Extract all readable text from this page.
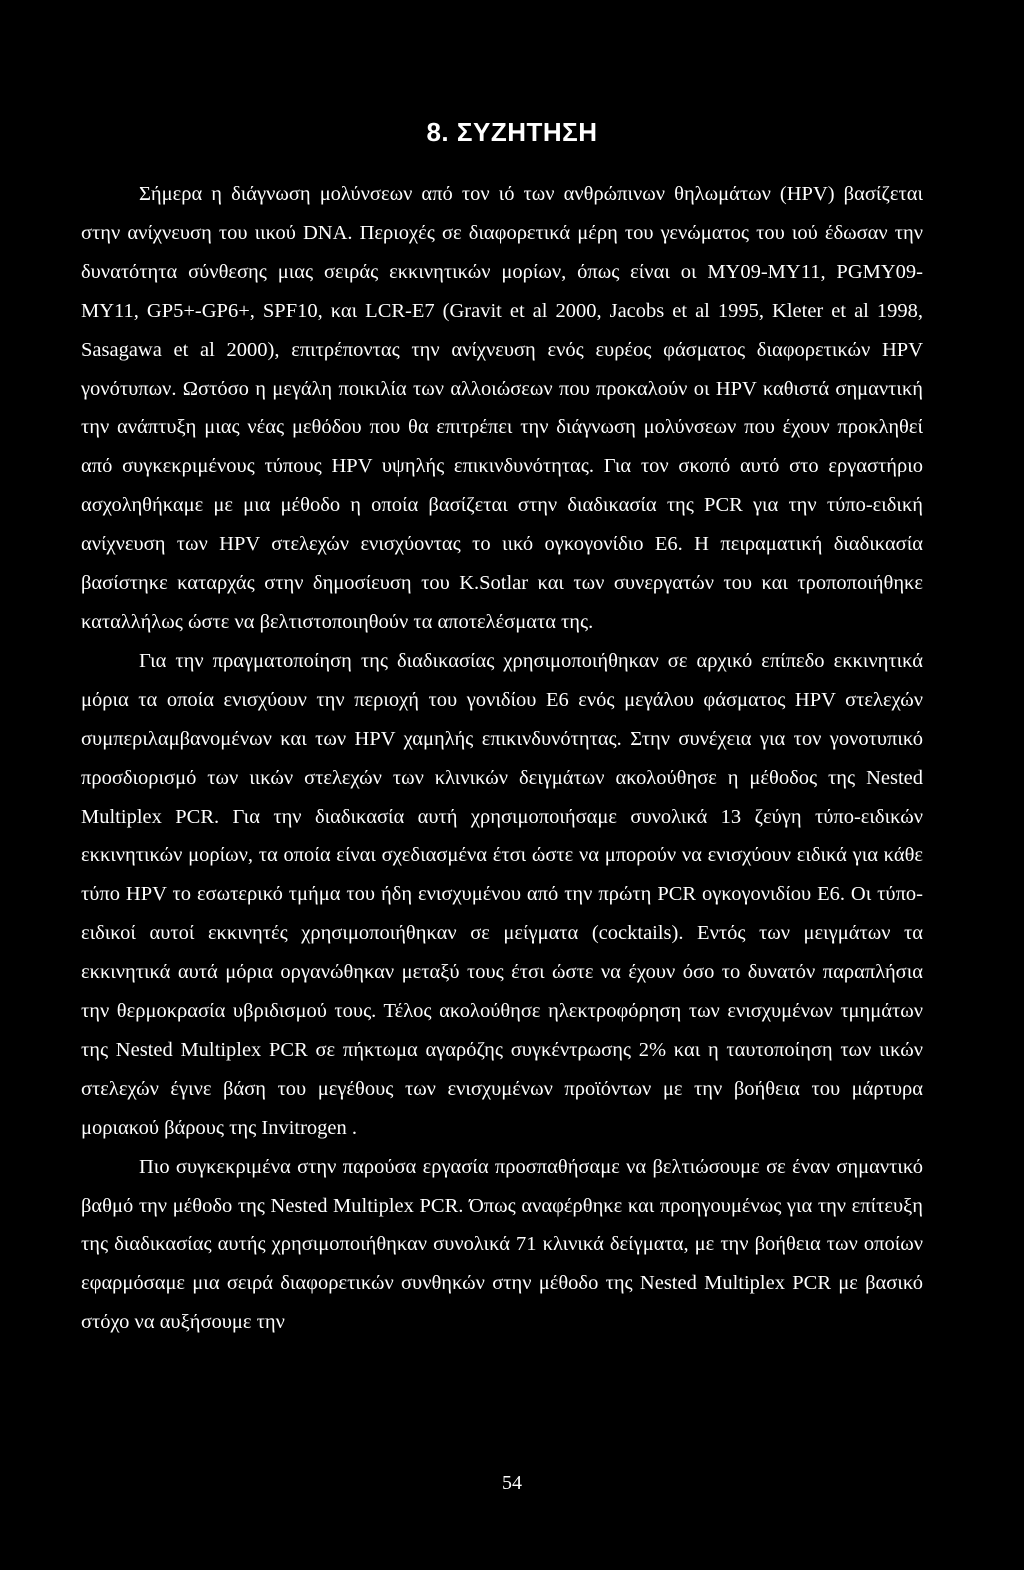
8. ΣΥΖΗΤΗΣΗ

Σήμερα η διάγνωση μολύνσεων από τον ιό των ανθρώπινων θηλωμάτων (HPV) βασίζεται στην ανίχνευση του ιικού DNA. Περιοχές σε διαφορετικά μέρη του γενώματος του ιού έδωσαν την δυνατότητα σύνθεσης μιας σειράς εκκινητικών μορίων, όπως είναι οι MY09-MY11, PGMY09-MY11, GP5+-GP6+, SPF10, και LCR-E7 (Gravit et al 2000, Jacobs et al 1995, Kleter et al 1998, Sasagawa et al 2000), επιτρέποντας την ανίχνευση ενός ευρέος φάσματος διαφορετικών HPV γονότυπων. Ωστόσο η μεγάλη ποικιλία των αλλοιώσεων που προκαλούν οι HPV καθιστά σημαντική την ανάπτυξη μιας νέας μεθόδου που θα επιτρέπει την διάγνωση μολύνσεων που έχουν προκληθεί από συγκεκριμένους τύπους HPV υψηλής επικινδυνότητας. Για τον σκοπό αυτό στο εργαστήριο ασχοληθήκαμε με μια μέθοδο η οποία βασίζεται στην διαδικασία της PCR για την τύπο-ειδική ανίχνευση των HPV στελεχών ενισχύοντας το ιικό ογκογονίδιο E6. Η πειραματική διαδικασία βασίστηκε καταρχάς στην δημοσίευση του K.Sotlar και των συνεργατών του και τροποποιήθηκε καταλλήλως ώστε να βελτιστοποιηθούν τα αποτελέσματα της.

Για την πραγματοποίηση της διαδικασίας χρησιμοποιήθηκαν σε αρχικό επίπεδο εκκινητικά μόρια τα οποία ενισχύουν την περιοχή του γονιδίου E6 ενός μεγάλου φάσματος HPV στελεχών συμπεριλαμβανομένων και των HPV χαμηλής επικινδυνότητας. Στην συνέχεια για τον γονοτυπικό προσδιορισμό των ιικών στελεχών των κλινικών δειγμάτων ακολούθησε η μέθοδος της Nested Multiplex PCR. Για την διαδικασία αυτή χρησιμοποιήσαμε συνολικά 13 ζεύγη τύπο-ειδικών εκκινητικών μορίων, τα οποία είναι σχεδιασμένα έτσι ώστε να μπορούν να ενισχύουν ειδικά για κάθε τύπο HPV το εσωτερικό τμήμα του ήδη ενισχυμένου από την πρώτη PCR ογκογονιδίου E6. Οι τύπο-ειδικοί αυτοί εκκινητές χρησιμοποιήθηκαν σε μείγματα (cocktails). Εντός των μειγμάτων τα εκκινητικά αυτά μόρια οργανώθηκαν μεταξύ τους έτσι ώστε να έχουν όσο το δυνατόν παραπλήσια την θερμοκρασία υβριδισμού τους. Τέλος ακολούθησε ηλεκτροφόρηση των ενισχυμένων τμημάτων της Nested Multiplex PCR σε πήκτωμα αγαρόζης συγκέντρωσης 2% και η ταυτοποίηση των ιικών στελεχών έγινε βάση του μεγέθους των ενισχυμένων προϊόντων με την βοήθεια του μάρτυρα μοριακού βάρους της Invitrogen .

Πιο συγκεκριμένα στην παρούσα εργασία προσπαθήσαμε να βελτιώσουμε σε έναν σημαντικό βαθμό την μέθοδο της Nested Multiplex PCR. Όπως αναφέρθηκε και προηγουμένως για την επίτευξη της διαδικασίας αυτής χρησιμοποιήθηκαν συνολικά 71 κλινικά δείγματα, με την βοήθεια των οποίων εφαρμόσαμε μια σειρά διαφορετικών συνθηκών στην μέθοδο της Nested Multiplex PCR με βασικό στόχο να αυξήσουμε την

54
